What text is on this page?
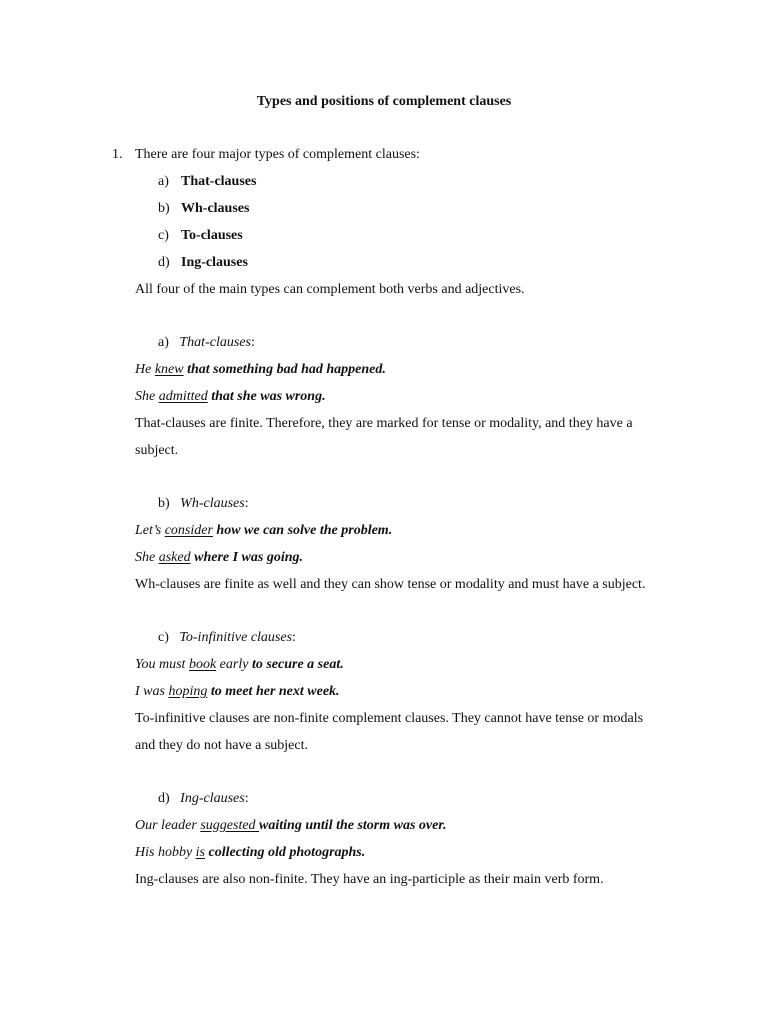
Types and positions of complement clauses
1. There are four major types of complement clauses:
a) That-clauses
b) Wh-clauses
c) To-clauses
d) Ing-clauses
All four of the main types can complement both verbs and adjectives.
a) That-clauses:
He knew that something bad had happened.
She admitted that she was wrong.
That-clauses are finite. Therefore, they are marked for tense or modality, and they have a
subject.
b) Wh-clauses:
Let’s consider how we can solve the problem.
She asked where I was going.
Wh-clauses are finite as well and they can show tense or modality and must have a subject.
c) To-infinitive clauses:
You must book early to secure a seat.
I was hoping to meet her next week.
To-infinitive clauses are non-finite complement clauses. They cannot have tense or modals
and they do not have a subject.
d) Ing-clauses:
Our leader suggested waiting until the storm was over.
His hobby is collecting old photographs.
Ing-clauses are also non-finite. They have an ing-participle as their main verb form.
